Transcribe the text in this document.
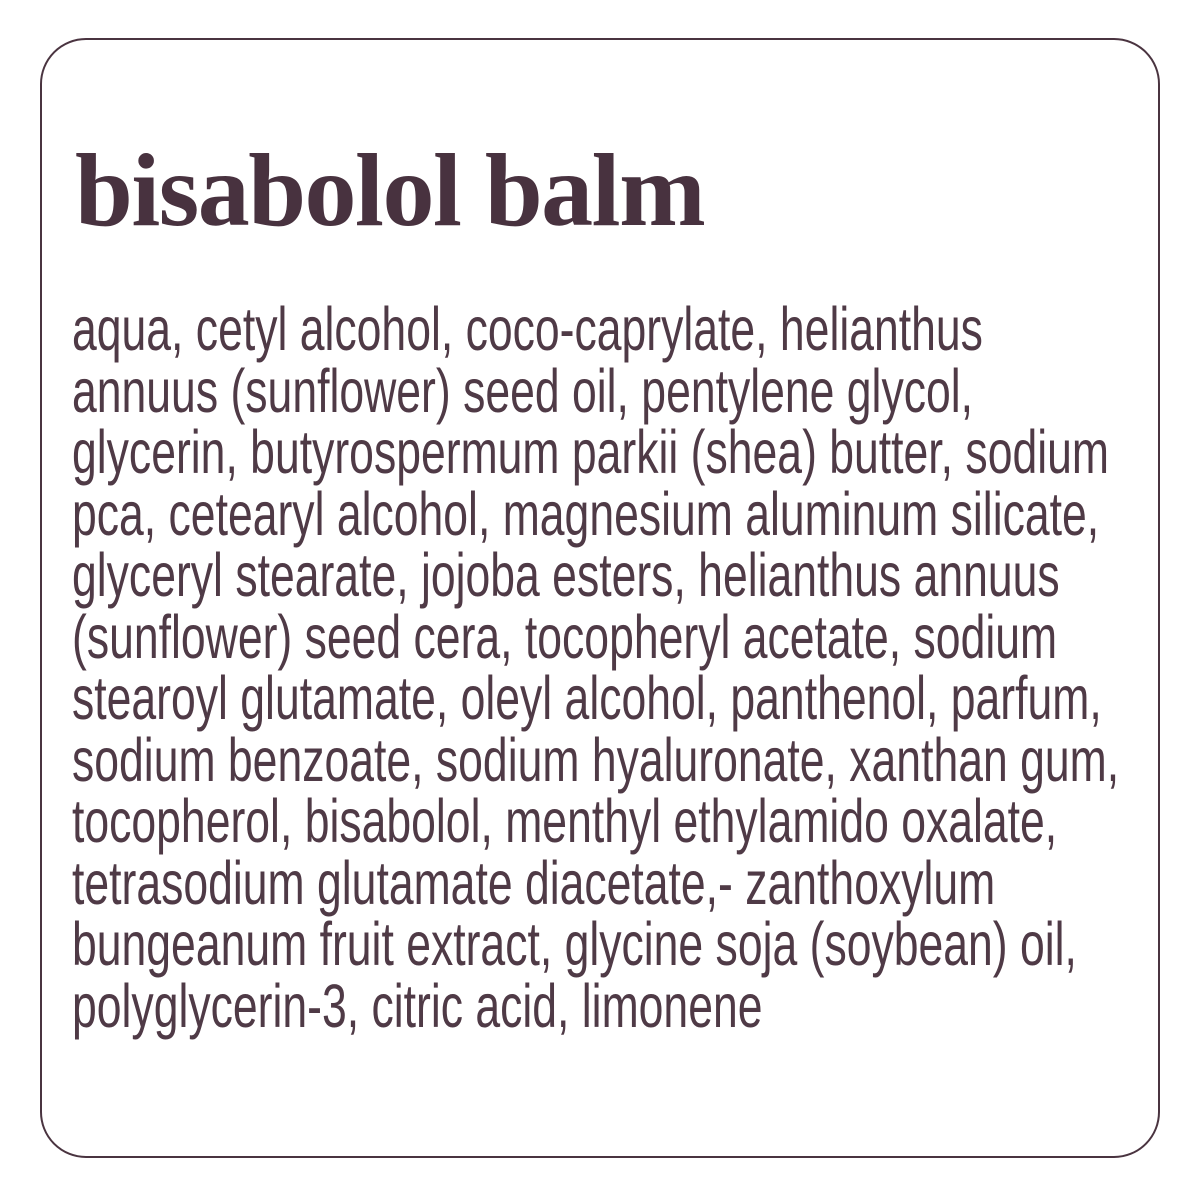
bisabolol balm
aqua, cetyl alcohol, coco-caprylate, helianthus
annuus (sunflower) seed oil, pentylene glycol,
glycerin, butyrospermum parkii (shea) butter, sodium
pca, cetearyl alcohol, magnesium aluminum silicate,
glyceryl stearate, jojoba esters, helianthus annuus
(sunflower) seed cera, tocopheryl acetate, sodium
stearoyl glutamate, oleyl alcohol, panthenol, parfum,
sodium benzoate, sodium hyaluronate, xanthan gum,
tocopherol, bisabolol, menthyl ethylamido oxalate,
tetrasodium glutamate diacetate,- zanthoxylum
bungeanum fruit extract, glycine soja (soybean) oil,
polyglycerin-3, citric acid, limonene
